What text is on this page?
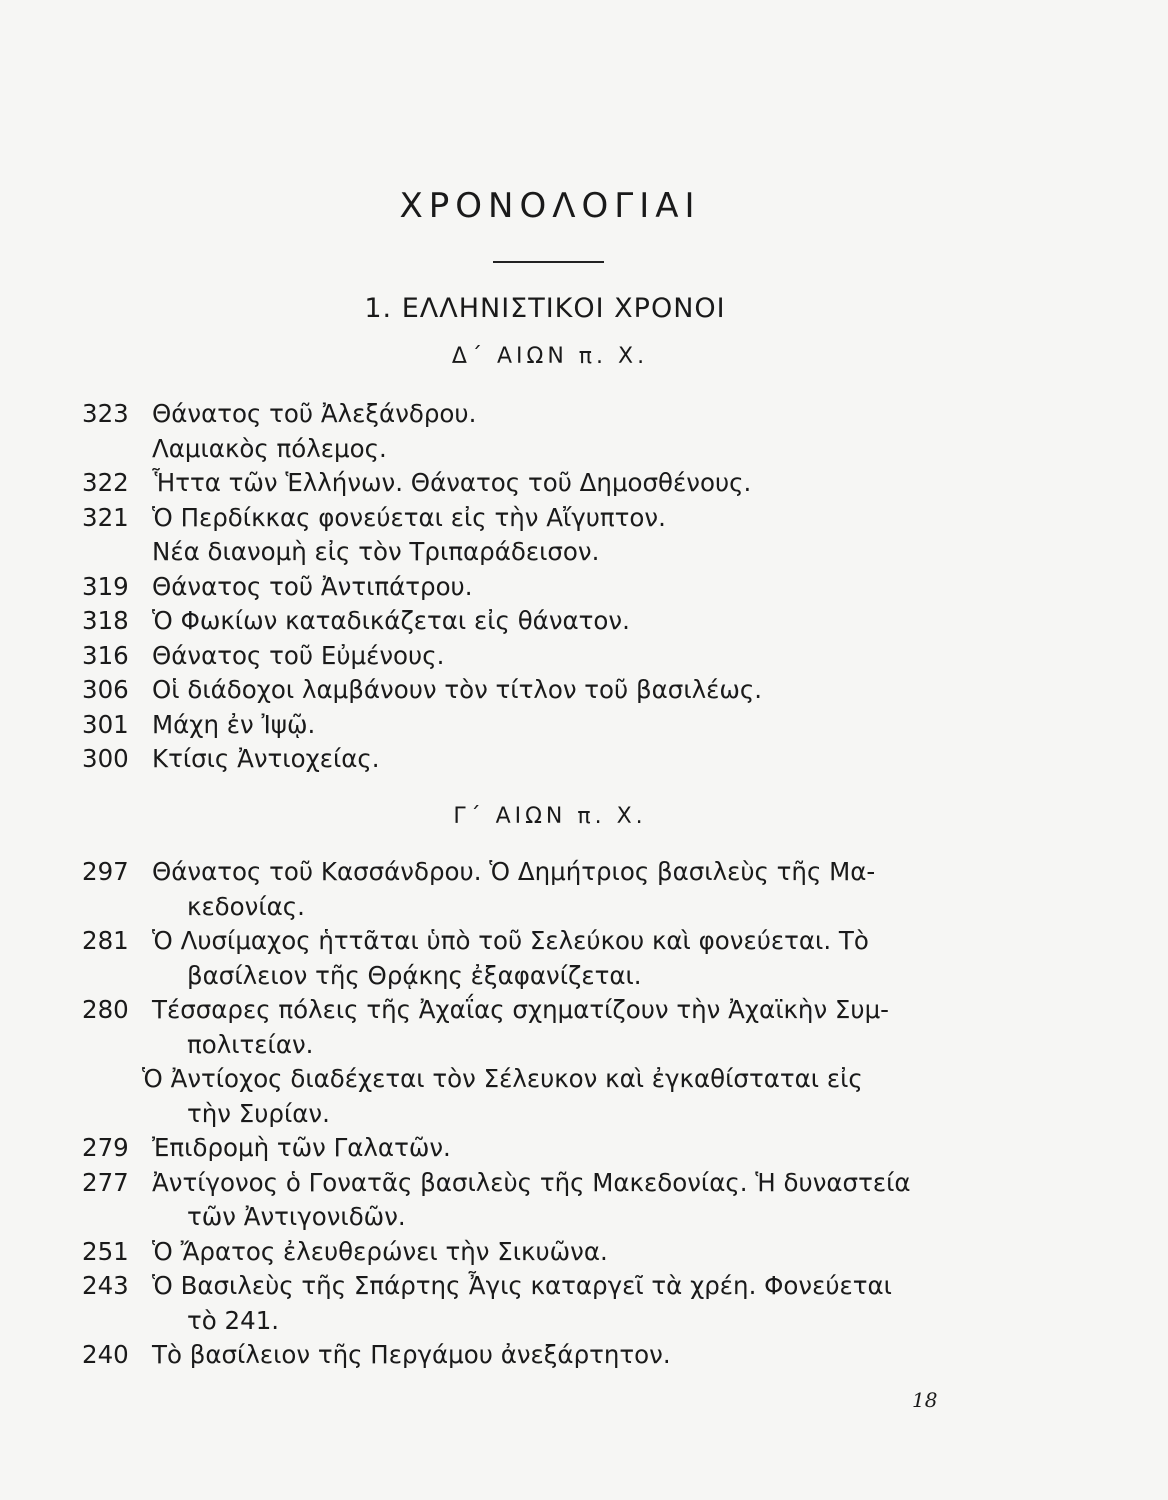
ΧΡΟΝΟΛΟΓΙΑΙ
1. ΕΛΛΗΝΙΣΤΙΚΟΙ ΧΡΟΝΟΙ
Δ΄ ΑΙΩΝ π. Χ.
323 Θάνατος τοῦ Ἀλεξάνδρου.
Λαμιακὸς πόλεμος.
322 Ἧττα τῶν Ἑλλήνων. Θάνατος τοῦ Δημοσθένους.
321 Ὁ Περδίκκας φονεύεται εἰς τὴν Αἴγυπτον.
Νέα διανομὴ εἰς τὸν Τριπαράδεισον.
319 Θάνατος τοῦ Ἀντιπάτρου.
318 Ὁ Φωκίων καταδικάζεται εἰς θάνατον.
316 Θάνατος τοῦ Εὐμένους.
306 Οἱ διάδοχοι λαμβάνουν τὸν τίτλον τοῦ βασιλέως.
301 Μάχη ἐν Ἰψῷ.
300 Κτίσις Ἀντιοχείας.
Γ΄ ΑΙΩΝ π. Χ.
297 Θάνατος τοῦ Κασσάνδρου. Ὁ Δημήτριος βασιλεὺς τῆς Μα-
κεδονίας.
281 Ὁ Λυσίμαχος ἡττᾶται ὑπὸ τοῦ Σελεύκου καὶ φονεύεται. Τὸ
βασίλειον τῆς Θρᾴκης ἐξαφανίζεται.
280 Τέσσαρες πόλεις τῆς Ἀχαΐας σχηματίζουν τὴν Ἀχαϊκὴν Συμ-
πολιτείαν.
Ὁ Ἀντίοχος διαδέχεται τὸν Σέλευκον καὶ ἐγκαθίσταται εἰς
τὴν Συρίαν.
279 Ἐπιδρομὴ τῶν Γαλατῶν.
277 Ἀντίγονος ὁ Γονατᾶς βασιλεὺς τῆς Μακεδονίας. Ἡ δυναστεία
τῶν Ἀντιγονιδῶν.
251 Ὁ Ἄρατος ἐλευθερώνει τὴν Σικυῶνα.
243 Ὁ Βασιλεὺς τῆς Σπάρτης Ἆγις καταργεῖ τὰ χρέη. Φονεύεται
τὸ 241.
240 Τὸ βασίλειον τῆς Περγάμου ἀνεξάρτητον.
18
